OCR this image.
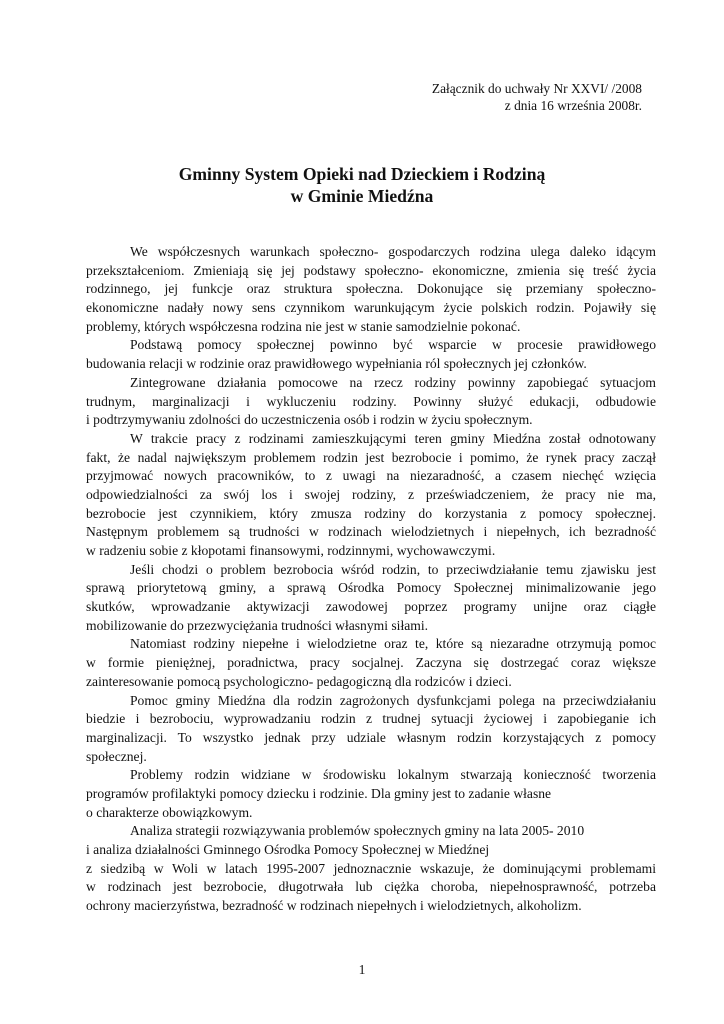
Załącznik do uchwały Nr XXVI/ /2008
z dnia 16 września 2008r.
Gminny System Opieki nad Dzieckiem i Rodziną
w Gminie Miedźna
We współczesnych warunkach społeczno- gospodarczych rodzina ulega daleko idącym
przekształceniom. Zmieniają się jej podstawy społeczno- ekonomiczne, zmienia się treść życia
rodzinnego, jej funkcje oraz struktura społeczna. Dokonujące się przemiany społeczno-
ekonomiczne nadały nowy sens czynnikom warunkującym życie polskich rodzin. Pojawiły się
problemy, których współczesna rodzina nie jest w stanie samodzielnie pokonać.
Podstawą pomocy społecznej powinno być wsparcie w procesie prawidłowego
budowania relacji w rodzinie oraz prawidłowego wypełniania ról społecznych jej członków.
Zintegrowane działania pomocowe na rzecz rodziny powinny zapobiegać sytuacjom
trudnym, marginalizacji i wykluczeniu rodziny. Powinny służyć edukacji, odbudowie
i podtrzymywaniu zdolności do uczestniczenia osób i rodzin w życiu społecznym.
W trakcie pracy z rodzinami zamieszkującymi teren gminy Miedźna został odnotowany
fakt, że nadal największym problemem rodzin jest bezrobocie i pomimo, że rynek pracy zaczął
przyjmować nowych pracowników, to z uwagi na niezaradność, a czasem niechęć wzięcia
odpowiedzialności za swój los i swojej rodziny, z przeświadczeniem, że pracy nie ma,
bezrobocie jest czynnikiem, który zmusza rodziny do korzystania z pomocy społecznej.
Następnym problemem są trudności w rodzinach wielodzietnych i niepełnych, ich bezradność
w radzeniu sobie z kłopotami finansowymi, rodzinnymi, wychowawczymi.
Jeśli chodzi o problem bezrobocia wśród rodzin, to przeciwdziałanie temu zjawisku jest
sprawą priorytetową gminy, a sprawą Ośrodka Pomocy Społecznej minimalizowanie jego
skutków, wprowadzanie aktywizacji zawodowej poprzez programy unijne oraz ciągłe
mobilizowanie do przezwyciężania trudności własnymi siłami.
Natomiast rodziny niepełne i wielodzietne oraz te, które są niezaradne otrzymują pomoc
w formie pieniężnej, poradnictwa, pracy socjalnej. Zaczyna się dostrzegać coraz większe
zainteresowanie pomocą psychologiczno- pedagogiczną dla rodziców i dzieci.
Pomoc gminy Miedźna dla rodzin zagrożonych dysfunkcjami polega na przeciwdziałaniu
biedzie i bezrobociu, wyprowadzaniu rodzin z trudnej sytuacji życiowej i zapobieganie ich
marginalizacji. To wszystko jednak przy udziale własnym rodzin korzystających z pomocy
społecznej.
Problemy rodzin widziane w środowisku lokalnym stwarzają konieczność tworzenia
programów profilaktyki pomocy dziecku i rodzinie. Dla gminy jest to zadanie własne
o charakterze obowiązkowym.
Analiza strategii rozwiązywania problemów społecznych gminy na lata 2005- 2010
i analiza działalności Gminnego Ośrodka Pomocy Społecznej w Miedźnej
z siedzibą w Woli w latach 1995-2007 jednoznacznie wskazuje, że dominującymi problemami
w rodzinach jest bezrobocie, długotrwała lub ciężka choroba, niepełnosprawność, potrzeba
ochrony macierzyństwa, bezradność w rodzinach niepełnych i wielodzietnych, alkoholizm.
1
